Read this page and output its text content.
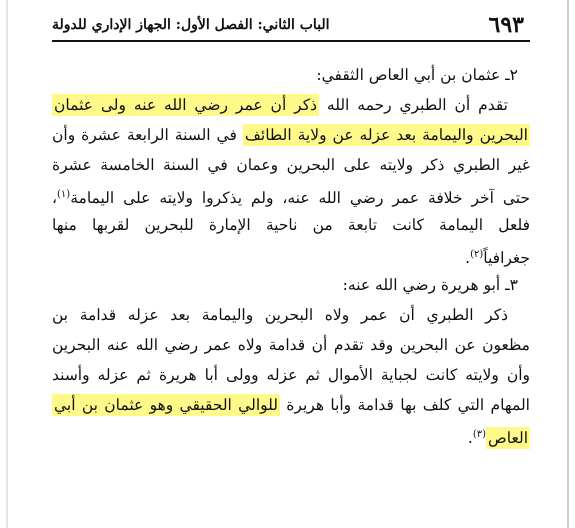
٦٩٣
الباب الثاني: الفصل الأول: الجهاز الإداري للدولة
٢ـ عثمان بن أبي العاص الثقفي:
تقدم أن الطبري رحمه الله ذكر أن عمر رضي الله عنه ولى عثمان
البحرين واليمامة بعد عزله عن ولاية الطائف في السنة الرابعة عشرة وأن
غير الطبري ذكر ولايته على البحرين وعمان في السنة الخامسة عشرة
حتى آخر خلافة عمر رضي الله عنه، ولم يذكروا ولايته على اليمامة$^{(١)}$،
فلعل اليمامة كانت تابعة من ناحية الإمارة للبحرين لقربها منها
جغرافياً$^{(٢)}$.
٣ـ أبو هريرة رضي الله عنه:
ذكر الطبري أن عمر ولاه البحرين واليمامة بعد عزله قدامة بن
مظعون عن البحرين وقد تقدم أن قدامة ولاه عمر رضي الله عنه البحرين
وأن ولايته كانت لجباية الأموال ثم عزله وولى أبا هريرة ثم عزله وأسند
المهام التي كلف بها قدامة وأبا هريرة للوالي الحقيقي وهو عثمان بن أبي
العاص$^{(٣)}$.
